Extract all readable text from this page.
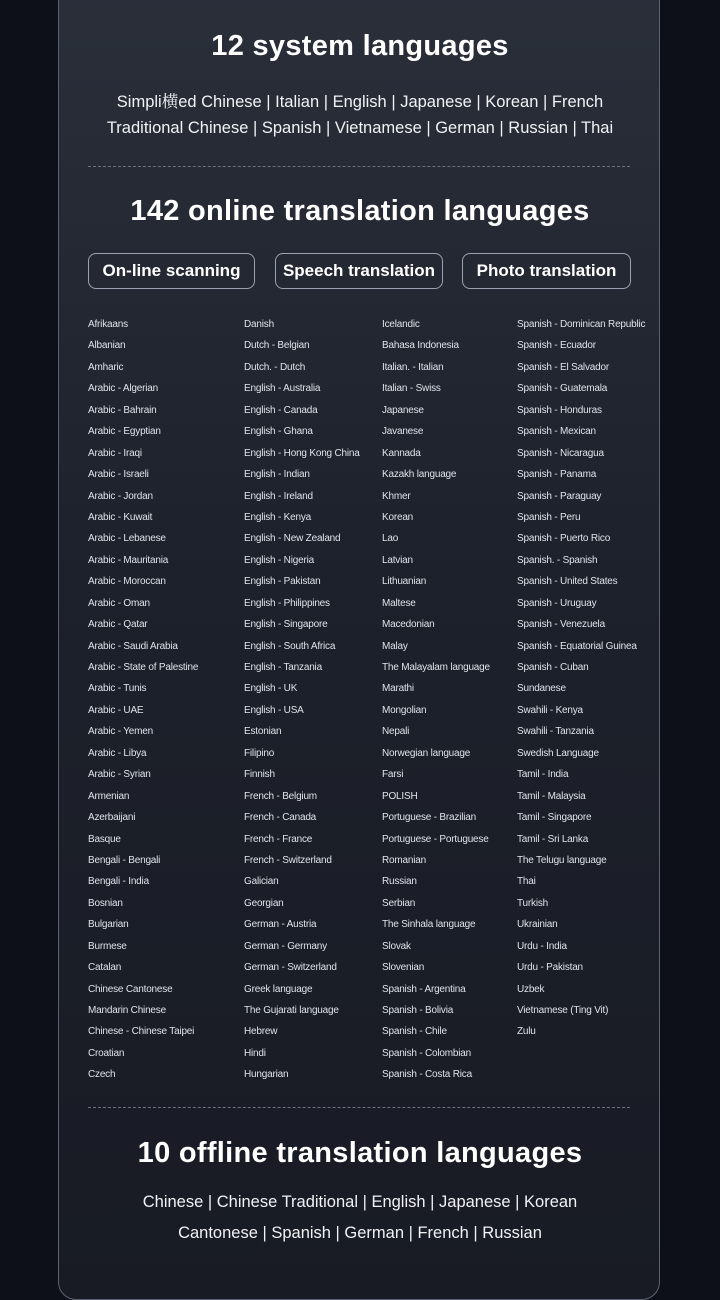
12 system languages
Simpli横ed Chinese | Italian | English | Japanese | Korean | French
Traditional Chinese | Spanish | Vietnamese | German | Russian | Thai
142 online translation languages
On-line scanning	Speech translation	Photo translation
Afrikaans
Albanian
Amharic
Arabic - Algerian
Arabic - Bahrain
Arabic - Egyptian
Arabic - Iraqi
Arabic - Israeli
Arabic - Jordan
Arabic - Kuwait
Arabic - Lebanese
Arabic - Mauritania
Arabic - Moroccan
Arabic - Oman
Arabic - Qatar
Arabic - Saudi Arabia
Arabic - State of Palestine
Arabic - Tunis
Arabic - UAE
Arabic - Yemen
Arabic - Libya
Arabic - Syrian
Armenian
Azerbaijani
Basque
Bengali - Bengali
Bengali - India
Bosnian
Bulgarian
Burmese
Catalan
Chinese Cantonese
Mandarin Chinese
Chinese - Chinese Taipei
Croatian
Czech
Danish
Dutch - Belgian
Dutch. - Dutch
English - Australia
English - Canada
English - Ghana
English - Hong Kong China
English - Indian
English - Ireland
English - Kenya
English - New Zealand
English - Nigeria
English - Pakistan
English - Philippines
English - Singapore
English - South Africa
English - Tanzania
English - UK
English - USA
Estonian
Filipino
Finnish
French - Belgium
French - Canada
French - France
French - Switzerland
Galician
Georgian
German - Austria
German - Germany
German - Switzerland
Greek language
The Gujarati language
Hebrew
Hindi
Hungarian
Icelandic
Bahasa Indonesia
Italian. - Italian
Italian - Swiss
Japanese
Javanese
Kannada
Kazakh language
Khmer
Korean
Lao
Latvian
Lithuanian
Maltese
Macedonian
Malay
The Malayalam language
Marathi
Mongolian
Nepali
Norwegian language
Farsi
POLISH
Portuguese - Brazilian
Portuguese - Portuguese
Romanian
Russian
Serbian
The Sinhala language
Slovak
Slovenian
Spanish - Argentina
Spanish - Bolivia
Spanish - Chile
Spanish - Colombian
Spanish - Costa Rica
Spanish - Dominican Republic
Spanish - Ecuador
Spanish - El Salvador
Spanish - Guatemala
Spanish - Honduras
Spanish - Mexican
Spanish - Nicaragua
Spanish - Panama
Spanish - Paraguay
Spanish - Peru
Spanish - Puerto Rico
Spanish. - Spanish
Spanish - United States
Spanish - Uruguay
Spanish - Venezuela
Spanish - Equatorial Guinea
Spanish - Cuban
Sundanese
Swahili - Kenya
Swahili - Tanzania
Swedish Language
Tamil - India
Tamil - Malaysia
Tamil - Singapore
Tamil - Sri Lanka
The Telugu language
Thai
Turkish
Ukrainian
Urdu - India
Urdu - Pakistan
Uzbek
Vietnamese (Ting Vit)
Zulu
10 offline translation languages
Chinese | Chinese Traditional | English | Japanese | Korean
Cantonese | Spanish | German | French | Russian
